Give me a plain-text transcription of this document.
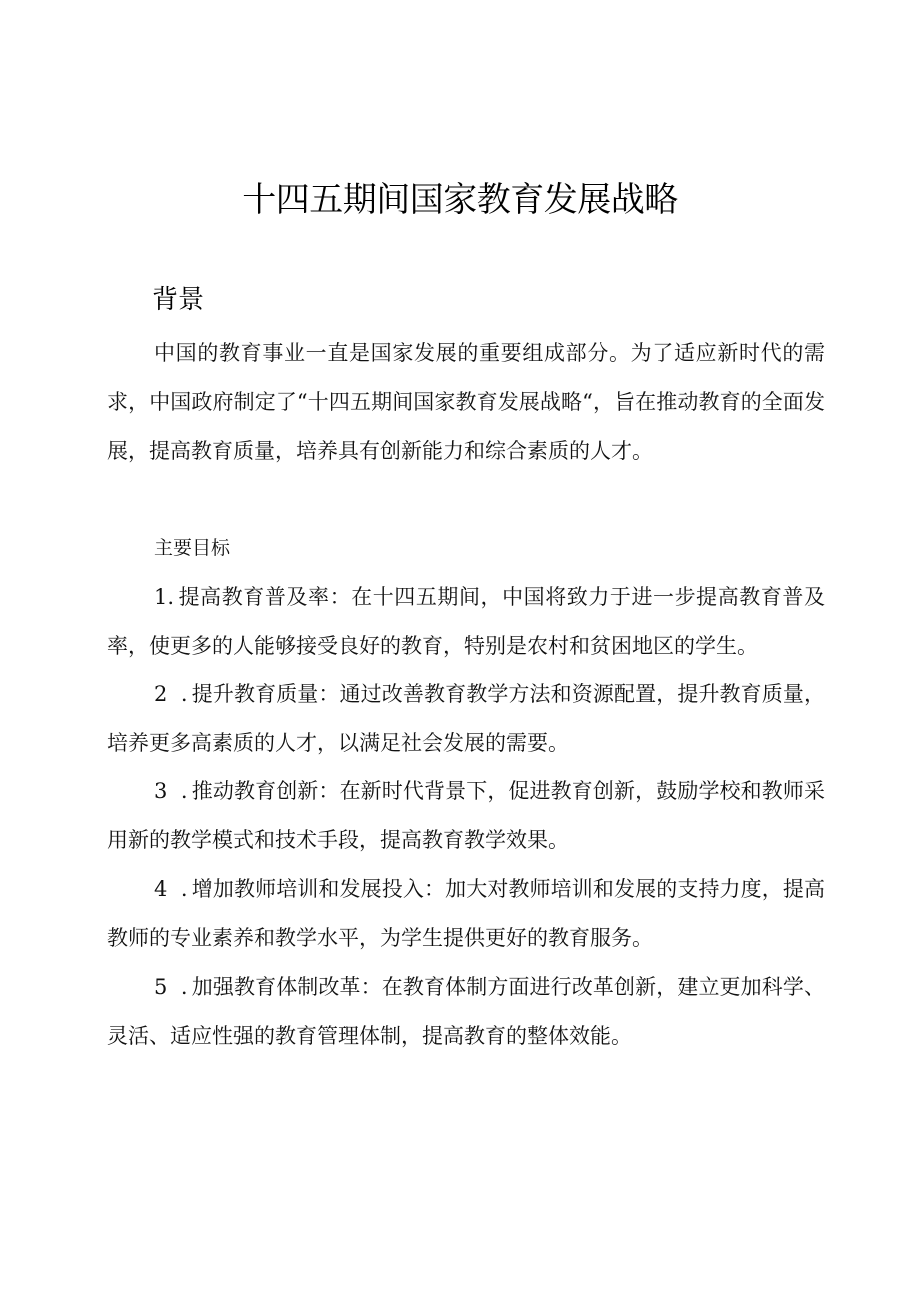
十四五期间国家教育发展战略
背景

中国的教育事业一直是国家发展的重要组成部分。为了适应新时代的需求，中国政府制定了“十四五期间国家教育发展战略“，旨在推动教育的全面发展，提高教育质量，培养具有创新能力和综合素质的人才。

主要目标

1. 提高教育普及率：在十四五期间，中国将致力于进一步提高教育普及率，使更多的人能够接受良好的教育，特别是农村和贫困地区的学生。

2  . 提升教育质量：通过改善教育教学方法和资源配置，提升教育质量，培养更多高素质的人才，以满足社会发展的需要。

3  . 推动教育创新：在新时代背景下，促进教育创新，鼓励学校和教师采用新的教学模式和技术手段，提高教育教学效果。

4  . 增加教师培训和发展投入：加大对教师培训和发展的支持力度，提高教师的专业素养和教学水平，为学生提供更好的教育服务。

5  . 加强教育体制改革：在教育体制方面进行改革创新，建立更加科学、灵活、适应性强的教育管理体制，提高教育的整体效能。
